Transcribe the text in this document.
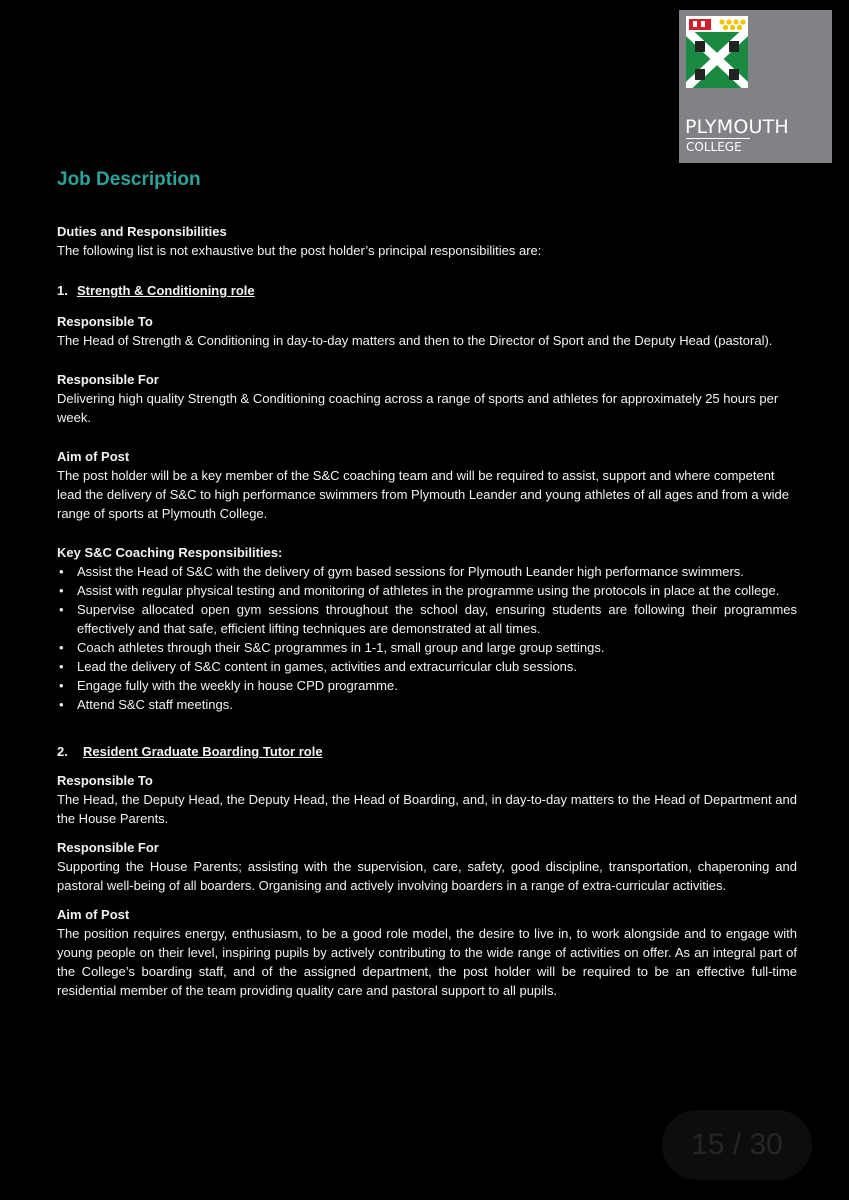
PLYMOUTH
COLLEGE
Job Description

Duties and Responsibilities

The following list is not exhaustive but the post holder’s principal responsibilities are:

1. Strength & Conditioning role

Responsible To

The Head of Strength & Conditioning in day-to-day matters and then to the Director of Sport and the Deputy Head (pastoral).

Responsible For

Delivering high quality Strength & Conditioning coaching across a range of sports and athletes for approximately 25 hours per week.

Aim of Post

The post holder will be a key member of the S&C coaching team and will be required to assist, support and where competent lead the delivery of S&C to high performance swimmers from Plymouth Leander and young athletes of all ages and from a wide range of sports at Plymouth College.

Key S&C Coaching Responsibilities:

• Assist the Head of S&C with the delivery of gym based sessions for Plymouth Leander high performance swimmers.
• Assist with regular physical testing and monitoring of athletes in the programme using the protocols in place at the college.
• Supervise allocated open gym sessions throughout the school day, ensuring students are following their programmes effectively and that safe, efficient lifting techniques are demonstrated at all times.
• Coach athletes through their S&C programmes in 1-1, small group and large group settings.
• Lead the delivery of S&C content in games, activities and extracurricular club sessions.
• Engage fully with the weekly in house CPD programme.
• Attend S&C staff meetings.

2. Resident Graduate Boarding Tutor role

Responsible To

The Head, the Deputy Head, the Deputy Head, the Head of Boarding, and, in day-to-day matters to the Head of Department and the House Parents.

Responsible For

Supporting the House Parents; assisting with the supervision, care, safety, good discipline, transportation, chaperoning and pastoral well-being of all boarders. Organising and actively involving boarders in a range of extra-curricular activities.

Aim of Post

The position requires energy, enthusiasm, to be a good role model, the desire to live in, to work alongside and to engage with young people on their level, inspiring pupils by actively contributing to the wide range of activities on offer. As an integral part of the College’s boarding staff, and of the assigned department, the post holder will be required to be an effective full-time residential member of the team providing quality care and pastoral support to all pupils.

15 / 30
